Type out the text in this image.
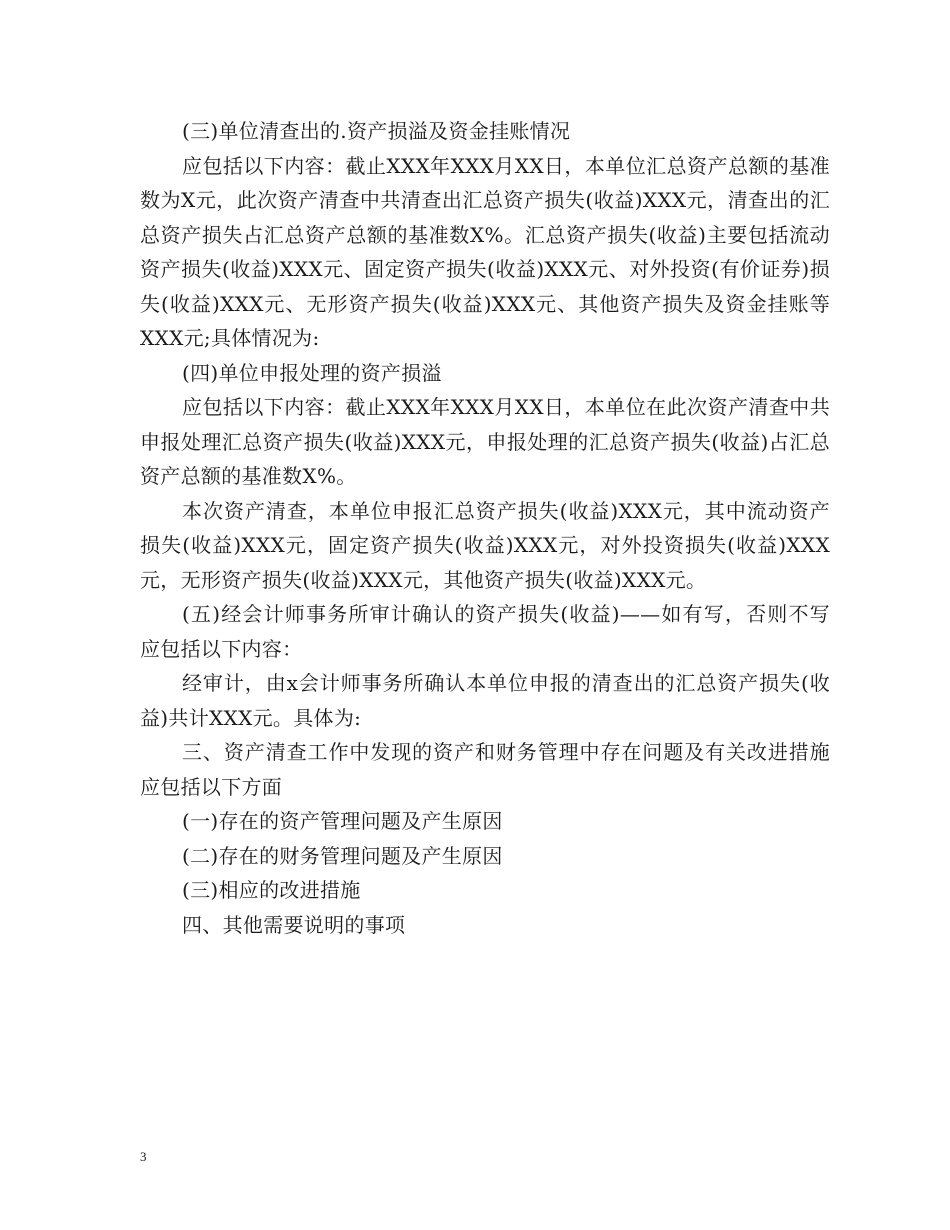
(三)单位清查出的.资产损溢及资金挂账情况

应包括以下内容：截止XXX年XXX月XX日，本单位汇总资产总额的基准数为X元，此次资产清查中共清查出汇总资产损失(收益)XXX元，清查出的汇总资产损失占汇总资产总额的基准数X%。汇总资产损失(收益)主要包括流动资产损失(收益)XXX元、固定资产损失(收益)XXX元、对外投资(有价证券)损失(收益)XXX元、无形资产损失(收益)XXX元、其他资产损失及资金挂账等XXX元;具体情况为:

(四)单位申报处理的资产损溢

应包括以下内容：截止XXX年XXX月XX日，本单位在此次资产清查中共申报处理汇总资产损失(收益)XXX元，申报处理的汇总资产损失(收益)占汇总资产总额的基准数X%。

本次资产清查，本单位申报汇总资产损失(收益)XXX元，其中流动资产损失(收益)XXX元，固定资产损失(收益)XXX元，对外投资损失(收益)XXX元，无形资产损失(收益)XXX元，其他资产损失(收益)XXX元。

(五)经会计师事务所审计确认的资产损失(收益)——如有写，否则不写  应包括以下内容：

经审计，由x会计师事务所确认本单位申报的清查出的汇总资产损失(收益)共计XXX元。具体为:

三、资产清查工作中发现的资产和财务管理中存在问题及有关改进措施  应包括以下方面

(一)存在的资产管理问题及产生原因

(二)存在的财务管理问题及产生原因

(三)相应的改进措施

四、其他需要说明的事项

3
